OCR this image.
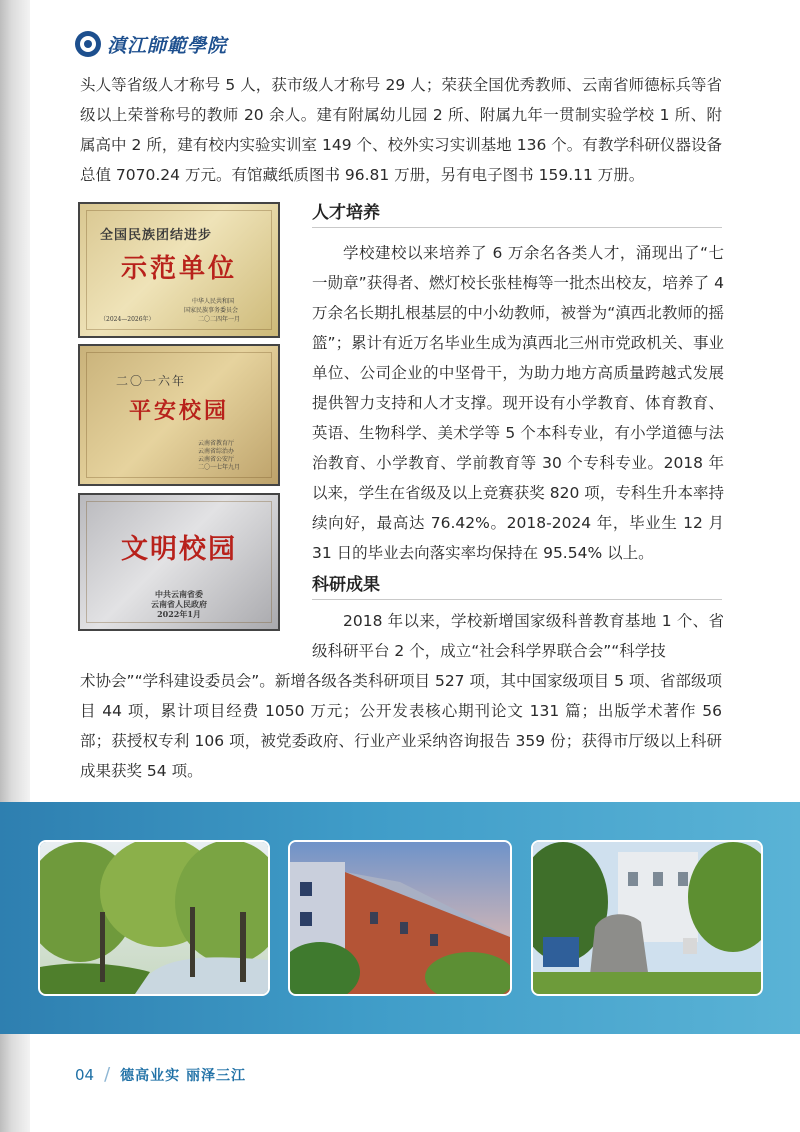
滇江師範學院

头人等省级人才称号 5 人，获市级人才称号 29 人；荣获全国优秀教师、云南省师德标兵等省级以上荣誉称号的教师 20 余人。建有附属幼儿园 2 所、附属九年一贯制实验学校 1 所、附属高中 2 所，建有校内实验实训室 149 个、校外实习实训基地 136 个。有教学科研仪器设备总值 7070.24 万元。有馆藏纸质图书 96.81 万册，另有电子图书 159.11 万册。

全国民族团结进步
示范单位
中华人民共和国
国家民族事务委员会
（2024—2026年）	二〇二四年一月
二〇一六年
平安校园
云南省教育厅
云南省综治办
云南省公安厅
二〇一七年九月
文明校园
中共云南省委
云南省人民政府
2022年1月
人才培养

学校建校以来培养了 6 万余名各类人才，涌现出了“七一勋章”获得者、燃灯校长张桂梅等一批杰出校友，培养了 4 万余名长期扎根基层的中小幼教师，被誉为“滇西北教师的摇篮”；累计有近万名毕业生成为滇西北三州市党政机关、事业单位、公司企业的中坚骨干，为助力地方高质量跨越式发展提供智力支持和人才支撑。现开设有小学教育、体育教育、英语、生物科学、美术学等 5 个本科专业，有小学道德与法治教育、小学教育、学前教育等 30 个专科专业。2018 年以来，学生在省级及以上竞赛获奖 820 项，专科生升本率持续向好，最高达 76.42%。2018-2024 年，毕业生 12 月 31 日的毕业去向落实率均保持在 95.54% 以上。

科研成果

2018 年以来，学校新增国家级科普教育基地 1 个、省级科研平台 2 个，成立“社会科学界联合会”“科学技

术协会”“学科建设委员会”。新增各级各类科研项目 527 项，其中国家级项目 5 项、省部级项目 44 项，累计项目经费 1050 万元；公开发表核心期刊论文 131 篇；出版学术著作 56 部；获授权专利 106 项，被党委政府、行业产业采纳咨询报告 359 份；获得市厅级以上科研成果获奖 54 项。

04 / 德高业实 丽泽三江
